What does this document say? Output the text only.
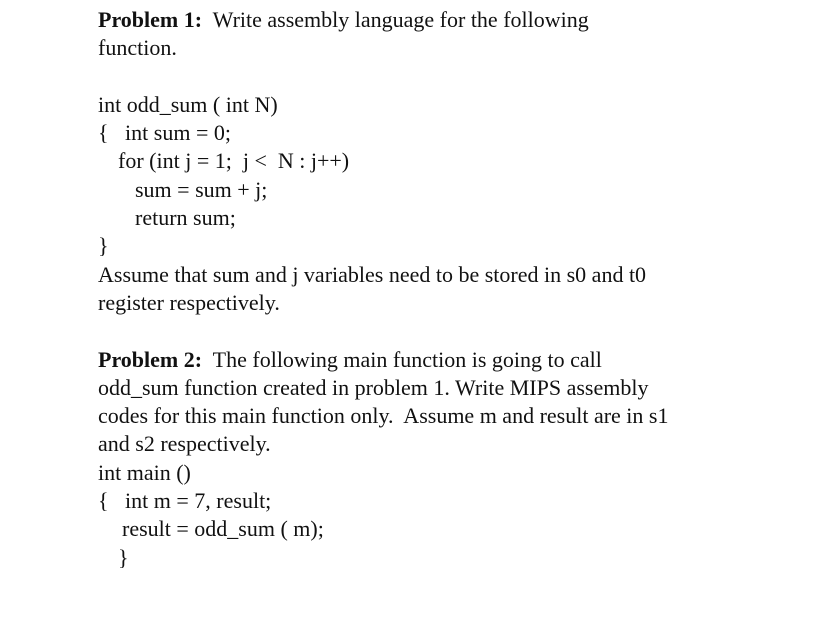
Problem 1:  Write assembly language for the following
function.
int odd_sum ( int N)
{   int sum = 0;
for (int j = 1;  j <  N : j++)
sum = sum + j;
return sum;
}
Assume that sum and j variables need to be stored in s0 and t0
register respectively.
Problem 2:  The following main function is going to call
odd_sum function created in problem 1. Write MIPS assembly
codes for this main function only.  Assume m and result are in s1
and s2 respectively.
int main ()
{   int m = 7, result;
result = odd_sum ( m);
}
